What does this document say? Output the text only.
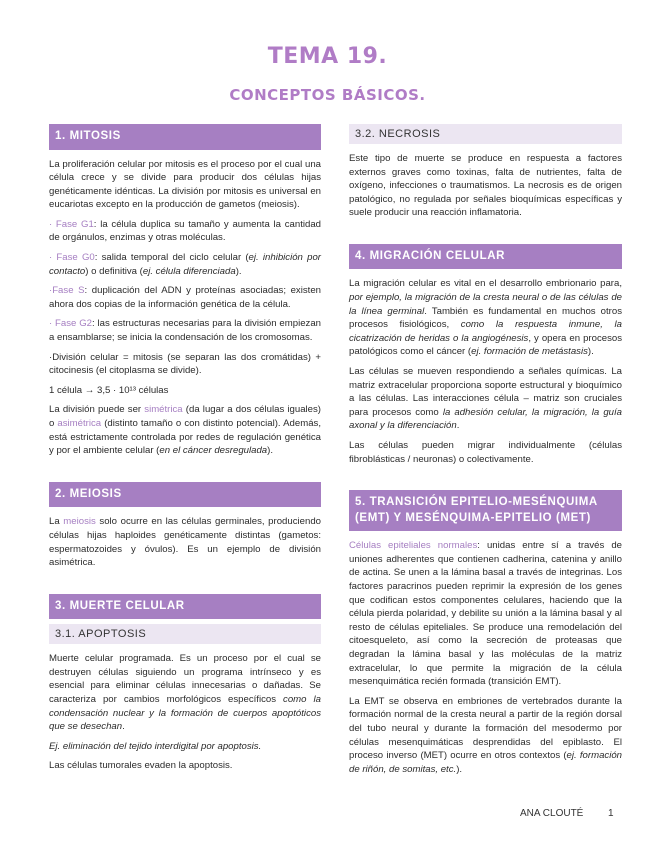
TEMA 19.
CONCEPTOS BÁSICOS.
1. MITOSIS

La proliferación celular por mitosis es el proceso por el cual una célula crece y se divide para producir dos células hijas genéticamente idénticas. La división por mitosis es universal en eucariotas excepto en la producción de gametos (meiosis).

· Fase G1: la célula duplica su tamaño y aumenta la cantidad de orgánulos, enzimas y otras moléculas.

· Fase G0: salida temporal del ciclo celular (ej. inhibición por contacto) o definitiva (ej. célula diferenciada).

·Fase S: duplicación del ADN y proteínas asociadas; existen ahora dos copias de la información genética de la célula.

· Fase G2: las estructuras necesarias para la división empiezan a ensamblarse; se inicia la condensación de los cromosomas.

·División celular = mitosis (se separan las dos cromátidas) + citocinesis (el citoplasma se divide).

1 célula → 3,5 · 10¹³ células

La división puede ser simétrica (da lugar a dos células iguales) o asimétrica (distinto tamaño o con distinto potencial). Además, está estrictamente controlada por redes de regulación genética y por el ambiente celular (en el cáncer desregulada).

2. MEIOSIS

La meiosis solo ocurre en las células germinales, produciendo células hijas haploides genéticamente distintas (gametos: espermatozoides y óvulos). Es un ejemplo de división asimétrica.

3. MUERTE CELULAR
3.1. APOPTOSIS

Muerte celular programada. Es un proceso por el cual se destruyen células siguiendo un programa intrínseco y es esencial para eliminar células innecesarias o dañadas. Se caracteriza por cambios morfológicos específicos como la condensación nuclear y la formación de cuerpos apoptóticos que se desechan.

Ej. eliminación del tejido interdigital por apoptosis.

Las células tumorales evaden la apoptosis.

3.2. NECROSIS

Este tipo de muerte se produce en respuesta a factores externos graves como toxinas, falta de nutrientes, falta de oxígeno, infecciones o traumatismos. La necrosis es de origen patológico, no regulada por señales bioquímicas específicas y suele producir una reacción inflamatoria.

4. MIGRACIÓN CELULAR

La migración celular es vital en el desarrollo embrionario para, por ejemplo, la migración de la cresta neural o de las células de la línea germinal. También es fundamental en muchos otros procesos fisiológicos, como la respuesta inmune, la cicatrización de heridas o la angiogénesis, y opera en procesos patológicos como el cáncer (ej. formación de metástasis).

Las células se mueven respondiendo a señales químicas. La matriz extracelular proporciona soporte estructural y bioquímico a las células. Las interacciones célula – matriz son cruciales para procesos como la adhesión celular, la migración, la guía axonal y la diferenciación.

Las células pueden migrar individualmente (células fibroblásticas / neuronas) o colectivamente.

5. TRANSICIÓN EPITELIO-MESÉNQUIMA (EMT) Y MESÉNQUIMA-EPITELIO (MET)

Células epiteliales normales: unidas entre sí a través de uniones adherentes que contienen cadherina, catenina y anillo de actina. Se unen a la lámina basal a través de integrinas. Los factores paracrinos pueden reprimir la expresión de los genes que codifican estos componentes celulares, haciendo que la célula pierda polaridad, y debilite su unión a la lámina basal y al resto de células epiteliales. Se produce una remodelación del citoesqueleto, así como la secreción de proteasas que degradan la lámina basal y las moléculas de la matriz extracelular, lo que permite la migración de la célula mesenquimática recién formada (transición EMT).

La EMT se observa en embriones de vertebrados durante la formación normal de la cresta neural a partir de la región dorsal del tubo neural y durante la formación del mesodermo por células mesenquimáticas desprendidas del epiblasto. El proceso inverso (MET) ocurre en otros contextos (ej. formación de riñón, de somitas, etc.).

ANA CLOUTÉ 1
